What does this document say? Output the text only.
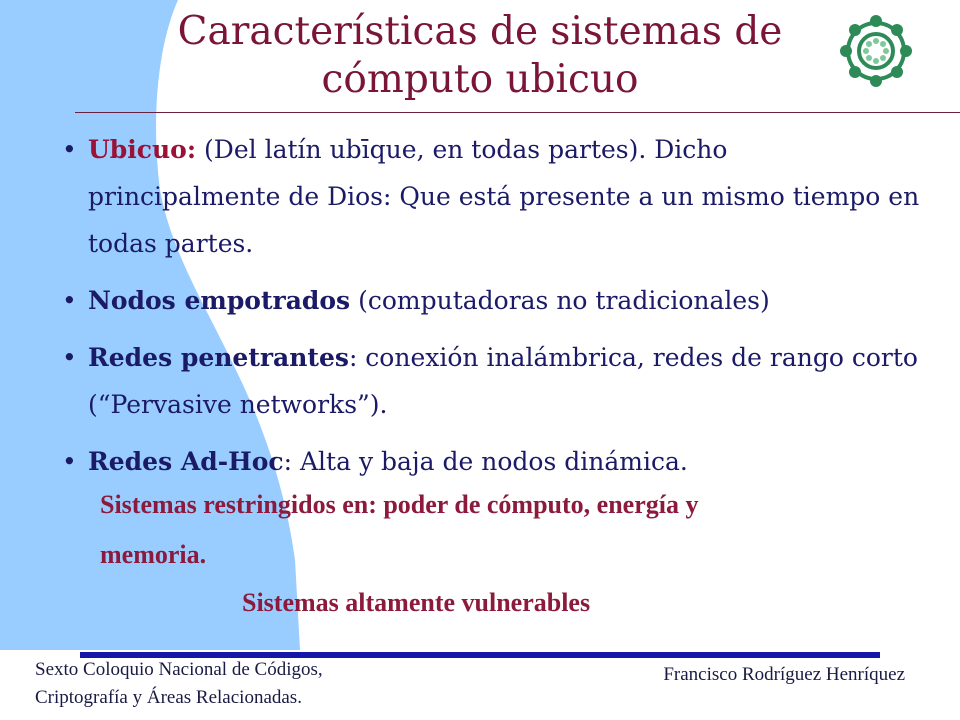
Características de sistemas de
cómputo ubicuo
• Ubicuo: (Del latín ubīque, en todas partes). Dicho principalmente de Dios: Que está presente a un mismo tiempo en todas partes.
• Nodos empotrados (computadoras no tradicionales)
• Redes penetrantes: conexión inalámbrica, redes de rango corto (“Pervasive networks”).
• Redes Ad-Hoc: Alta y baja de nodos dinámica.
Sistemas restringidos en: poder de cómputo, energía y
memoria.
Sistemas altamente vulnerables
Sexto Coloquio Nacional de Códigos,
Criptografía y Áreas Relacionadas.
Francisco Rodríguez Henríquez
